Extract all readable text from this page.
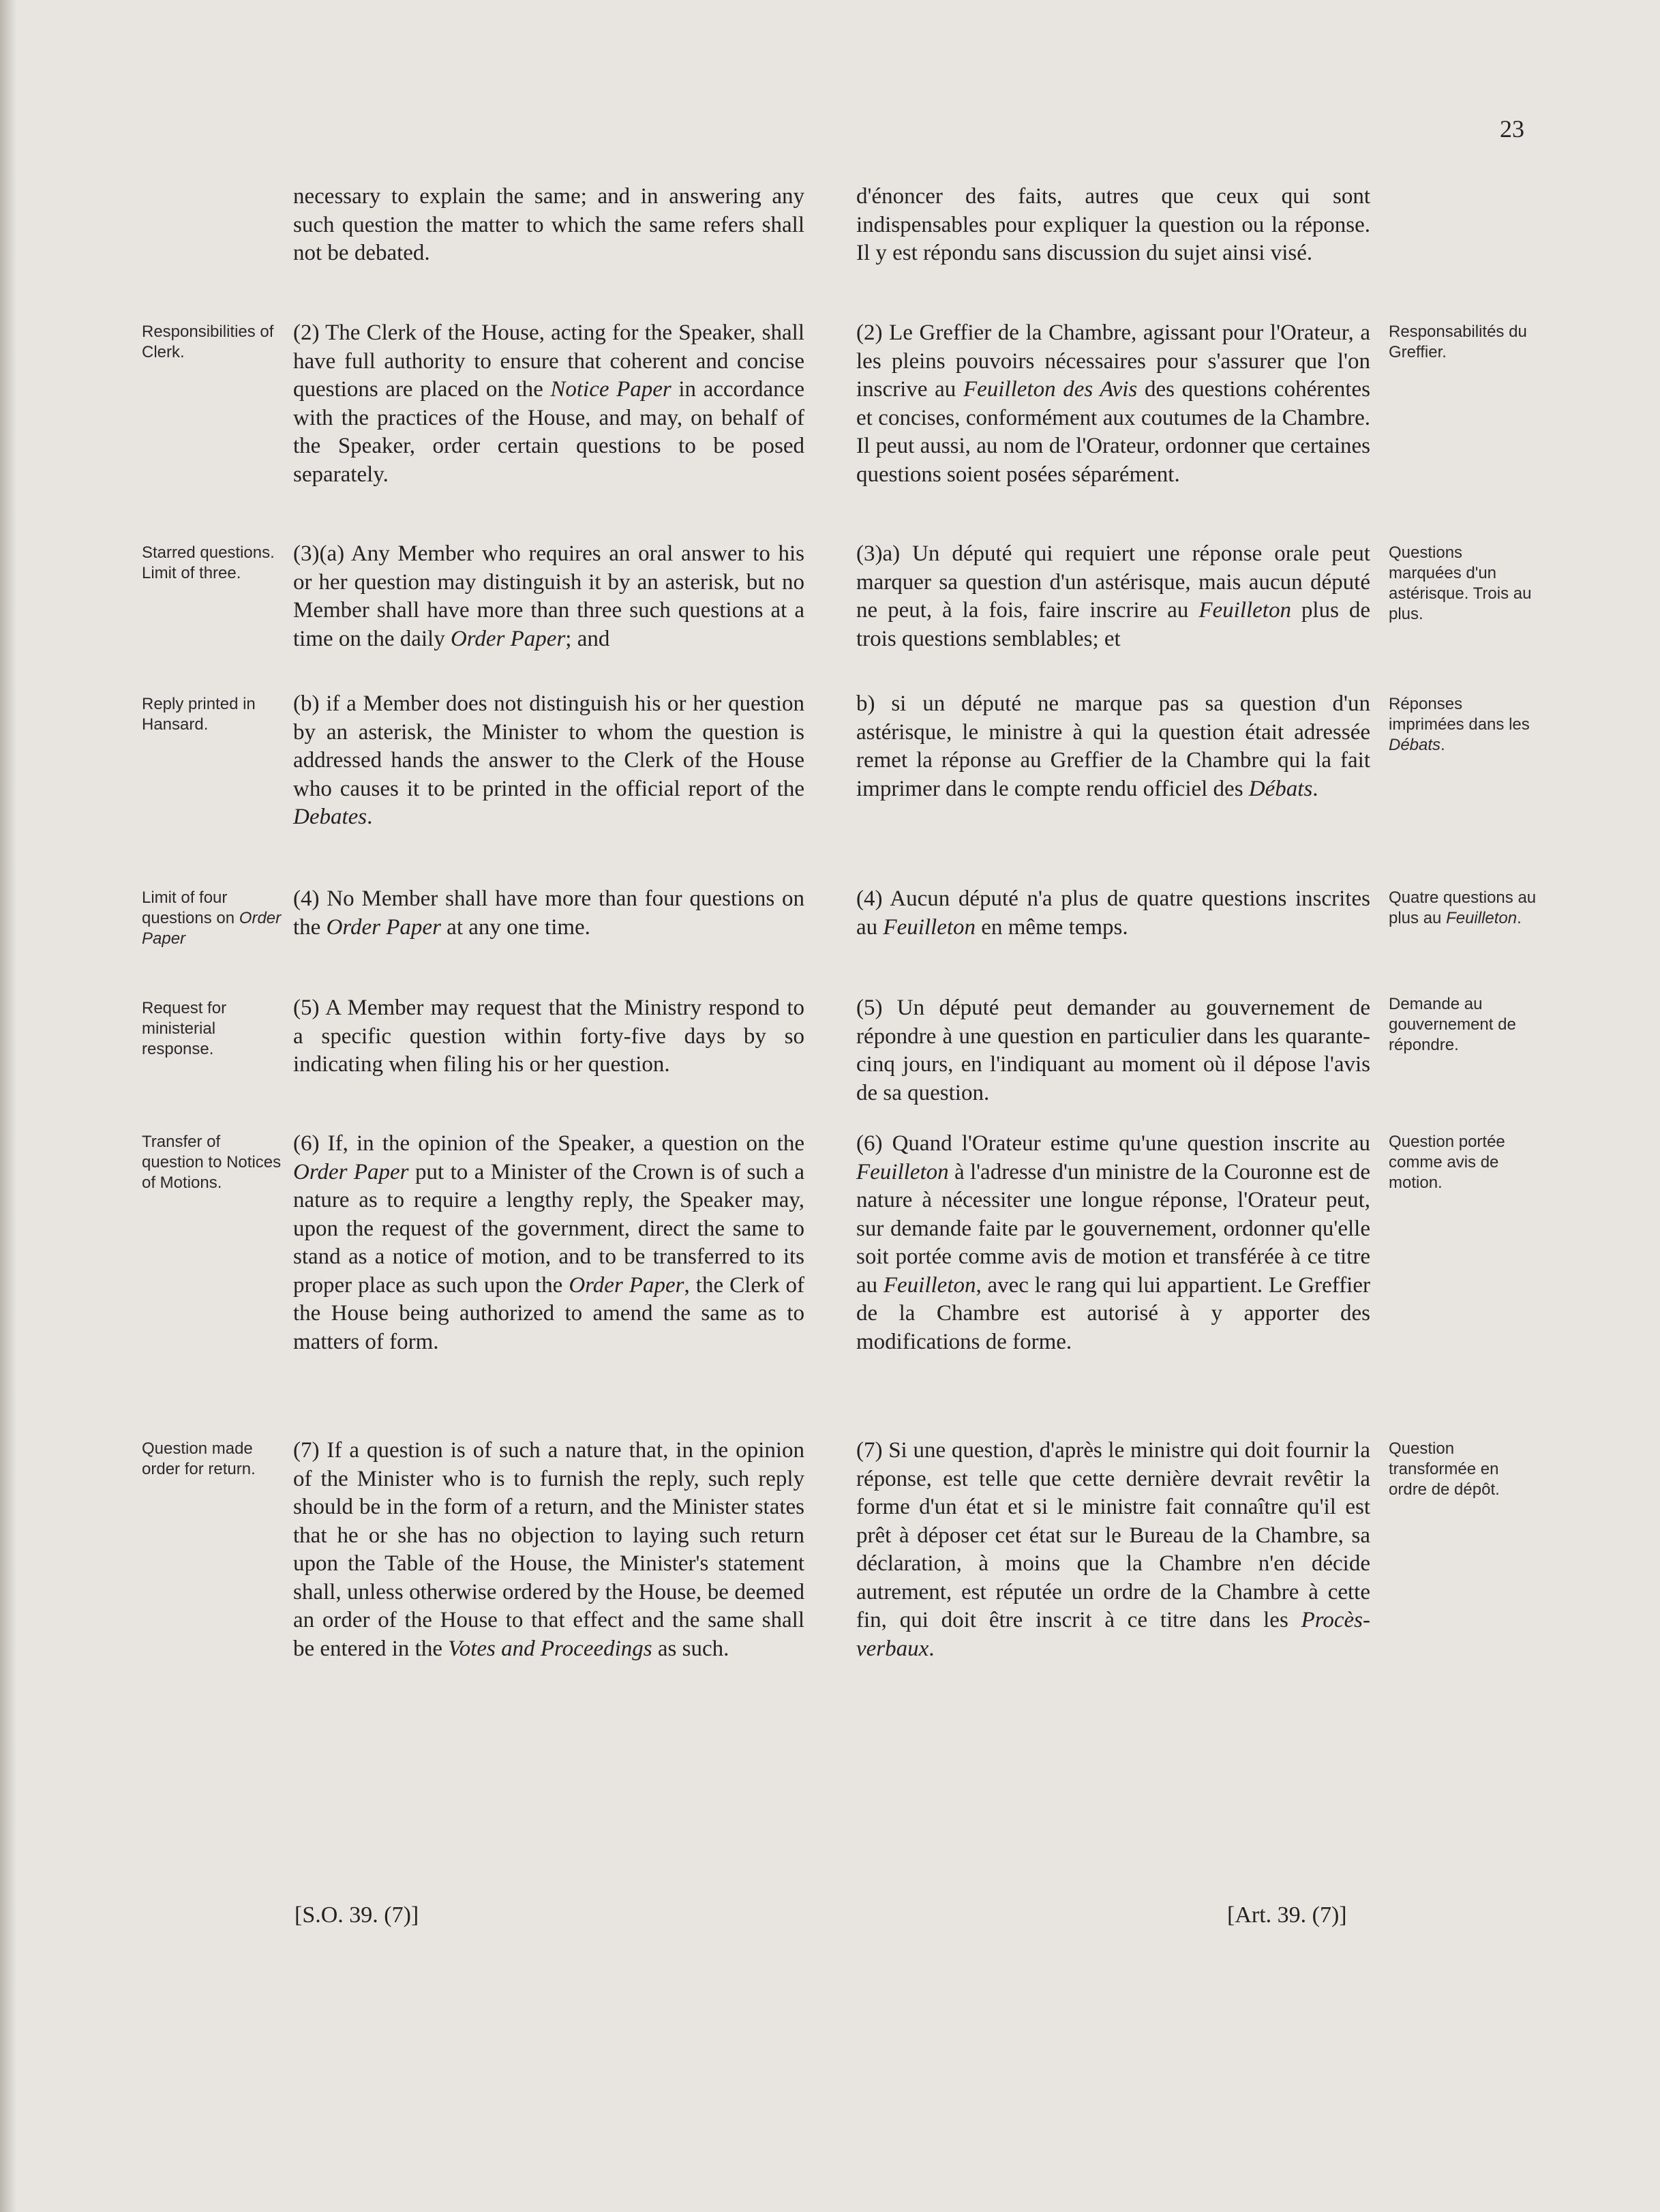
23
necessary to explain the same; and in answering any such question the matter to which the same refers shall not be debated.
(2) The Clerk of the House, acting for the Speaker, shall have full authority to ensure that coherent and concise questions are placed on the Notice Paper in accordance with the practices of the House, and may, on behalf of the Speaker, order certain questions to be posed separately.
(3)(a) Any Member who requires an oral answer to his or her question may distinguish it by an asterisk, but no Member shall have more than three such questions at a time on the daily Order Paper; and
(b) if a Member does not distinguish his or her question by an asterisk, the Minister to whom the question is addressed hands the answer to the Clerk of the House who causes it to be printed in the official report of the Debates.
(4) No Member shall have more than four questions on the Order Paper at any one time.
(5) A Member may request that the Ministry respond to a specific question within forty-five days by so indicating when filing his or her question.
(6) If, in the opinion of the Speaker, a question on the Order Paper put to a Minister of the Crown is of such a nature as to require a lengthy reply, the Speaker may, upon the request of the government, direct the same to stand as a notice of motion, and to be transferred to its proper place as such upon the Order Paper, the Clerk of the House being authorized to amend the same as to matters of form.
(7) If a question is of such a nature that, in the opinion of the Minister who is to furnish the reply, such reply should be in the form of a return, and the Minister states that he or she has no objection to laying such return upon the Table of the House, the Minister's statement shall, unless otherwise ordered by the House, be deemed an order of the House to that effect and the same shall be entered in the Votes and Proceedings as such.
d'énoncer des faits, autres que ceux qui sont indispensables pour expliquer la question ou la réponse. Il y est répondu sans discussion du sujet ainsi visé.
(2) Le Greffier de la Chambre, agissant pour l'Orateur, a les pleins pouvoirs nécessaires pour s'assurer que l'on inscrive au Feuilleton des Avis des questions cohérentes et concises, conformément aux coutumes de la Chambre. Il peut aussi, au nom de l'Orateur, ordonner que certaines questions soient posées séparément.
(3)a) Un député qui requiert une réponse orale peut marquer sa question d'un astérisque, mais aucun député ne peut, à la fois, faire inscrire au Feuilleton plus de trois questions semblables; et
b) si un député ne marque pas sa question d'un astérisque, le ministre à qui la question était adressée remet la réponse au Greffier de la Chambre qui la fait imprimer dans le compte rendu officiel des Débats.
(4) Aucun député n'a plus de quatre questions inscrites au Feuilleton en même temps.
(5) Un député peut demander au gouvernement de répondre à une question en particulier dans les quarante-cinq jours, en l'indiquant au moment où il dépose l'avis de sa question.
(6) Quand l'Orateur estime qu'une question inscrite au Feuilleton à l'adresse d'un ministre de la Couronne est de nature à nécessiter une longue réponse, l'Orateur peut, sur demande faite par le gouvernement, ordonner qu'elle soit portée comme avis de motion et transférée à ce titre au Feuilleton, avec le rang qui lui appartient. Le Greffier de la Chambre est autorisé à y apporter des modifications de forme.
(7) Si une question, d'après le ministre qui doit fournir la réponse, est telle que cette dernière devrait revêtir la forme d'un état et si le ministre fait connaître qu'il est prêt à déposer cet état sur le Bureau de la Chambre, sa déclaration, à moins que la Chambre n'en décide autrement, est réputée un ordre de la Chambre à cette fin, qui doit être inscrit à ce titre dans les Procès-verbaux.
Responsibilities of Clerk.
Starred questions. Limit of three.
Reply printed in Hansard.
Limit of four questions on Order Paper
Request for ministerial response.
Transfer of question to Notices of Motions.
Question made order for return.
Responsabilités du Greffier.
Questions marquées d'un astérisque. Trois au plus.
Réponses imprimées dans les Débats.
Quatre questions au plus au Feuilleton.
Demande au gouvernement de répondre.
Question portée comme avis de motion.
Question transformée en ordre de dépôt.
[S.O. 39. (7)]	[Art. 39. (7)]
